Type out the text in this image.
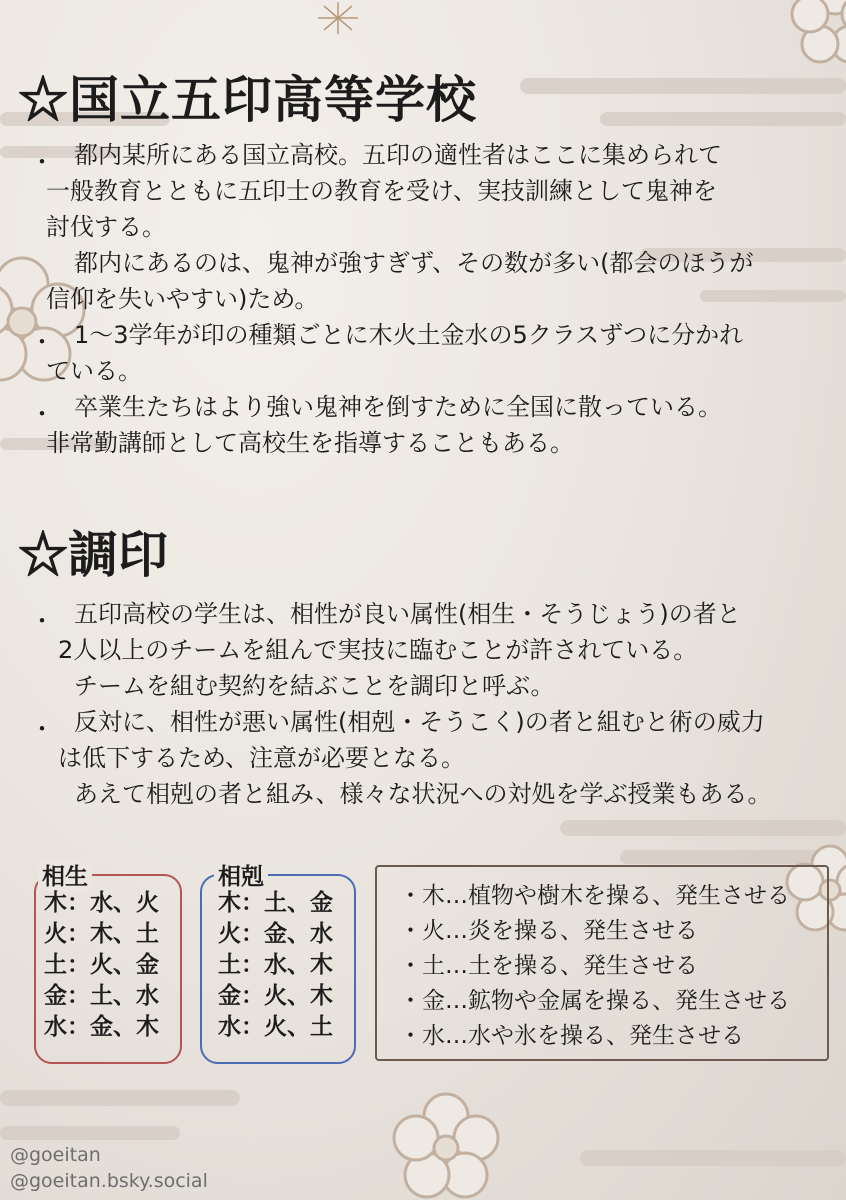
☆国立五印高等学校
・ 都内某所にある国立高校。五印の適性者はここに集められて
一般教育とともに五印士の教育を受け、実技訓練として鬼神を
討伐する。
都内にあるのは、鬼神が強すぎず、その数が多い(都会のほうが
信仰を失いやすい)ため。
・ 1〜3学年が印の種類ごとに木火土金水の5クラスずつに分かれ
ている。
・ 卒業生たちはより強い鬼神を倒すために全国に散っている。
非常勤講師として高校生を指導することもある。
☆調印
・ 五印高校の学生は、相性が良い属性(相生・そうじょう)の者と
2人以上のチームを組んで実技に臨むことが許されている。
チームを組む契約を結ぶことを調印と呼ぶ。
・ 反対に、相性が悪い属性(相剋・そうこく)の者と組むと術の威力
は低下するため、注意が必要となる。
あえて相剋の者と組み、様々な状況への対処を学ぶ授業もある。
相生
木：水、火
火：木、土
土：火、金
金：土、水
水：金、木
相剋
木：土、金
火：金、水
土：水、木
金：火、木
水：火、土
・木…植物や樹木を操る、発生させる
・火…炎を操る、発生させる
・土…土を操る、発生させる
・金…鉱物や金属を操る、発生させる
・水…水や氷を操る、発生させる
@goeitan
@goeitan.bsky.social
